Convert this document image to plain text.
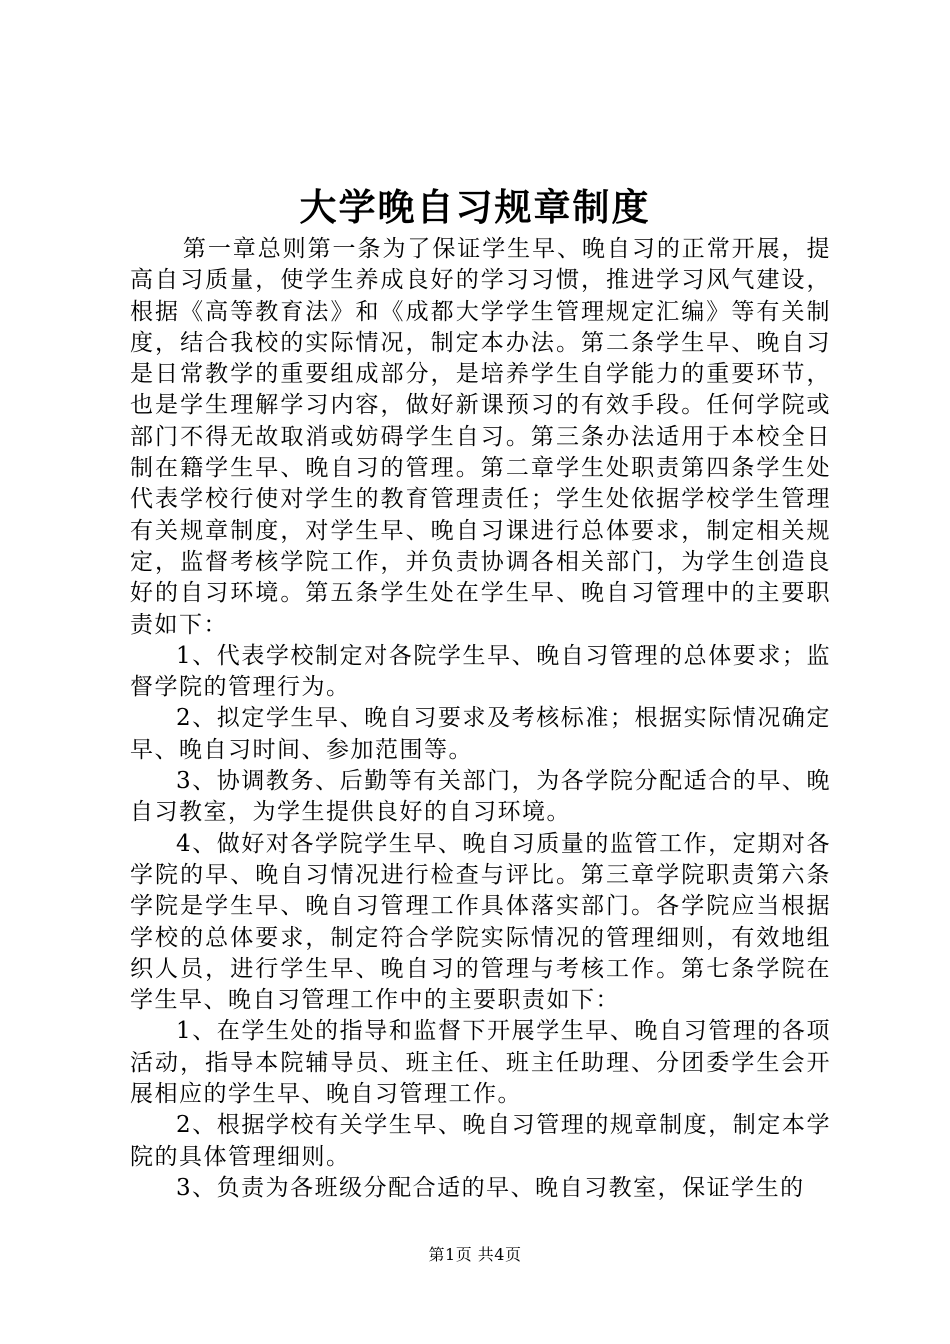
大学晚自习规章制度

第一章总则第一条为了保证学生早、晚自习的正常开展，提高自习质量，使学生养成良好的学习习惯，推进学习风气建设，根据《高等教育法》和《成都大学学生管理规定汇编》等有关制度，结合我校的实际情况，制定本办法。第二条学生早、晚自习是日常教学的重要组成部分，是培养学生自学能力的重要环节，也是学生理解学习内容，做好新课预习的有效手段。任何学院或部门不得无故取消或妨碍学生自习。第三条办法适用于本校全日制在籍学生早、晚自习的管理。第二章学生处职责第四条学生处代表学校行使对学生的教育管理责任；学生处依据学校学生管理有关规章制度，对学生早、晚自习课进行总体要求，制定相关规定，监督考核学院工作，并负责协调各相关部门，为学生创造良好的自习环境。第五条学生处在学生早、晚自习管理中的主要职责如下：

1、代表学校制定对各院学生早、晚自习管理的总体要求；监督学院的管理行为。

2、拟定学生早、晚自习要求及考核标准；根据实际情况确定早、晚自习时间、参加范围等。

3、协调教务、后勤等有关部门，为各学院分配适合的早、晚自习教室，为学生提供良好的自习环境。

4、做好对各学院学生早、晚自习质量的监管工作，定期对各学院的早、晚自习情况进行检查与评比。第三章学院职责第六条学院是学生早、晚自习管理工作具体落实部门。各学院应当根据学校的总体要求，制定符合学院实际情况的管理细则，有效地组织人员，进行学生早、晚自习的管理与考核工作。第七条学院在学生早、晚自习管理工作中的主要职责如下：

1、在学生处的指导和监督下开展学生早、晚自习管理的各项活动，指导本院辅导员、班主任、班主任助理、分团委学生会开展相应的学生早、晚自习管理工作。

2、根据学校有关学生早、晚自习管理的规章制度，制定本学院的具体管理细则。

3、负责为各班级分配合适的早、晚自习教室，保证学生的

第1页 共4页
